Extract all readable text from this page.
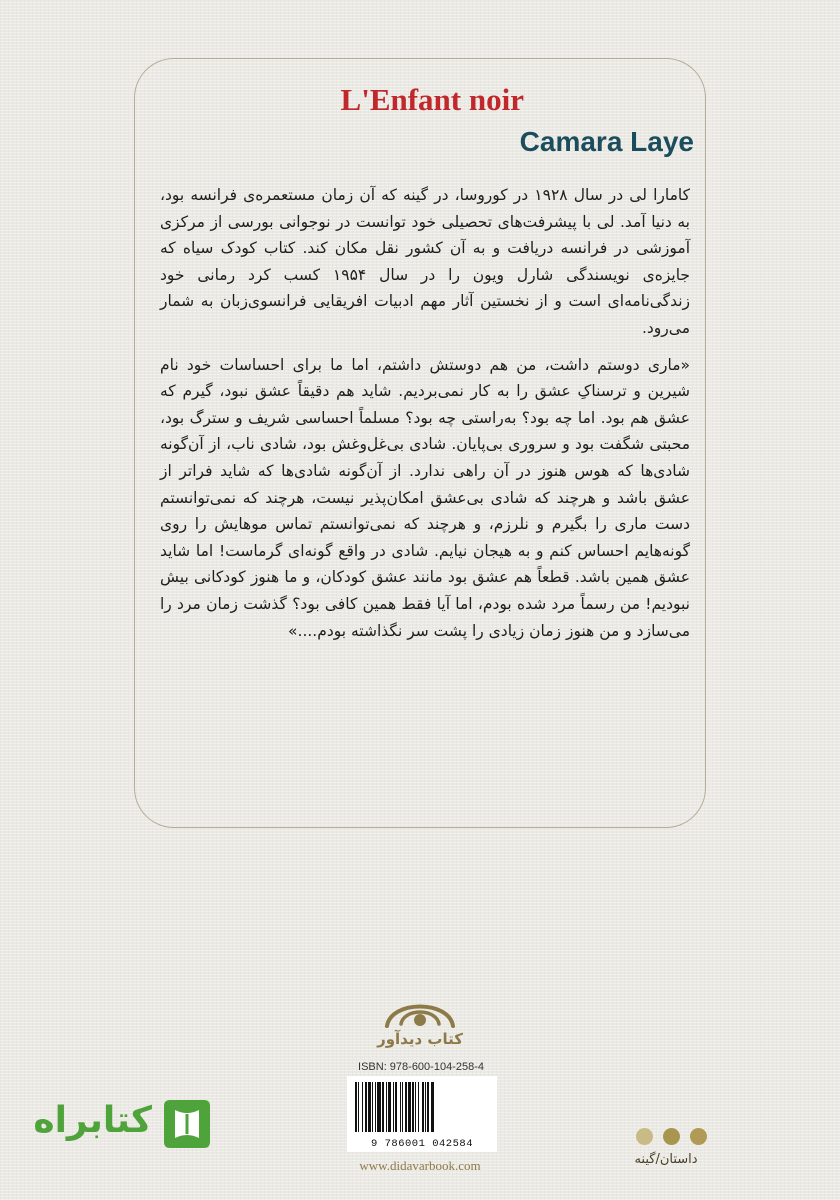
L'Enfant noir
Camara Laye

کامارا لی در سال ۱۹۲۸ در کوروسا، در گینه که آن زمان مستعمره‌ی فرانسه بود، به دنیا آمد. لی با پیشرفت‌های تحصیلی خود توانست در نوجوانی بورسی از مرکزی آموزشی در فرانسه دریافت و به آن کشور نقل مکان کند. کتاب کودک سیاه که جایزه‌ی نویسندگی شارل ویون را در سال ۱۹۵۴ کسب کرد رمانی خود زندگی‌نامه‌ای است و از نخستین آثار مهم ادبیات افریقایی فرانسوی‌زبان به شمار می‌رود.

«ماری دوستم داشت، من هم دوستش داشتم، اما ما برای احساسات خود نام شیرین و ترسناکِ عشق را به کار نمی‌بردیم. شاید هم دقیقاً عشق نبود، گیرم که عشق هم بود. اما چه بود؟ به‌راستی چه بود؟ مسلماً احساسی شریف و سترگ بود، محبتی شگفت بود و سروری بی‌پایان. شادی بی‌غل‌وغش بود، شادی ناب، از آن‌گونه شادی‌ها که هوس هنوز در آن راهی ندارد. از آن‌گونه شادی‌ها که شاید فراتر از عشق باشد و هرچند که شادی بی‌عشق امکان‌پذیر نیست، هرچند که نمی‌توانستم دست ماری را بگیرم و نلرزم، و هرچند که نمی‌توانستم تماس موهایش را روی گونه‌هایم احساس کنم و به هیجان نیایم. شادی در واقع گونه‌ای گرماست! اما شاید عشق همین باشد. قطعاً هم عشق بود مانند عشق کودکان، و ما هنوز کودکانی بیش نبودیم! من رسماً مرد شده بودم، اما آیا فقط همین کافی بود؟ گذشت زمان مرد را می‌سازد و من هنوز زمان زیادی را پشت سر نگذاشته بودم....»

کتاب دیدآور
ISBN: 978-600-104-258-4
9 786001 042584
www.didavarbook.com
کتابراه
داستان/گینه
